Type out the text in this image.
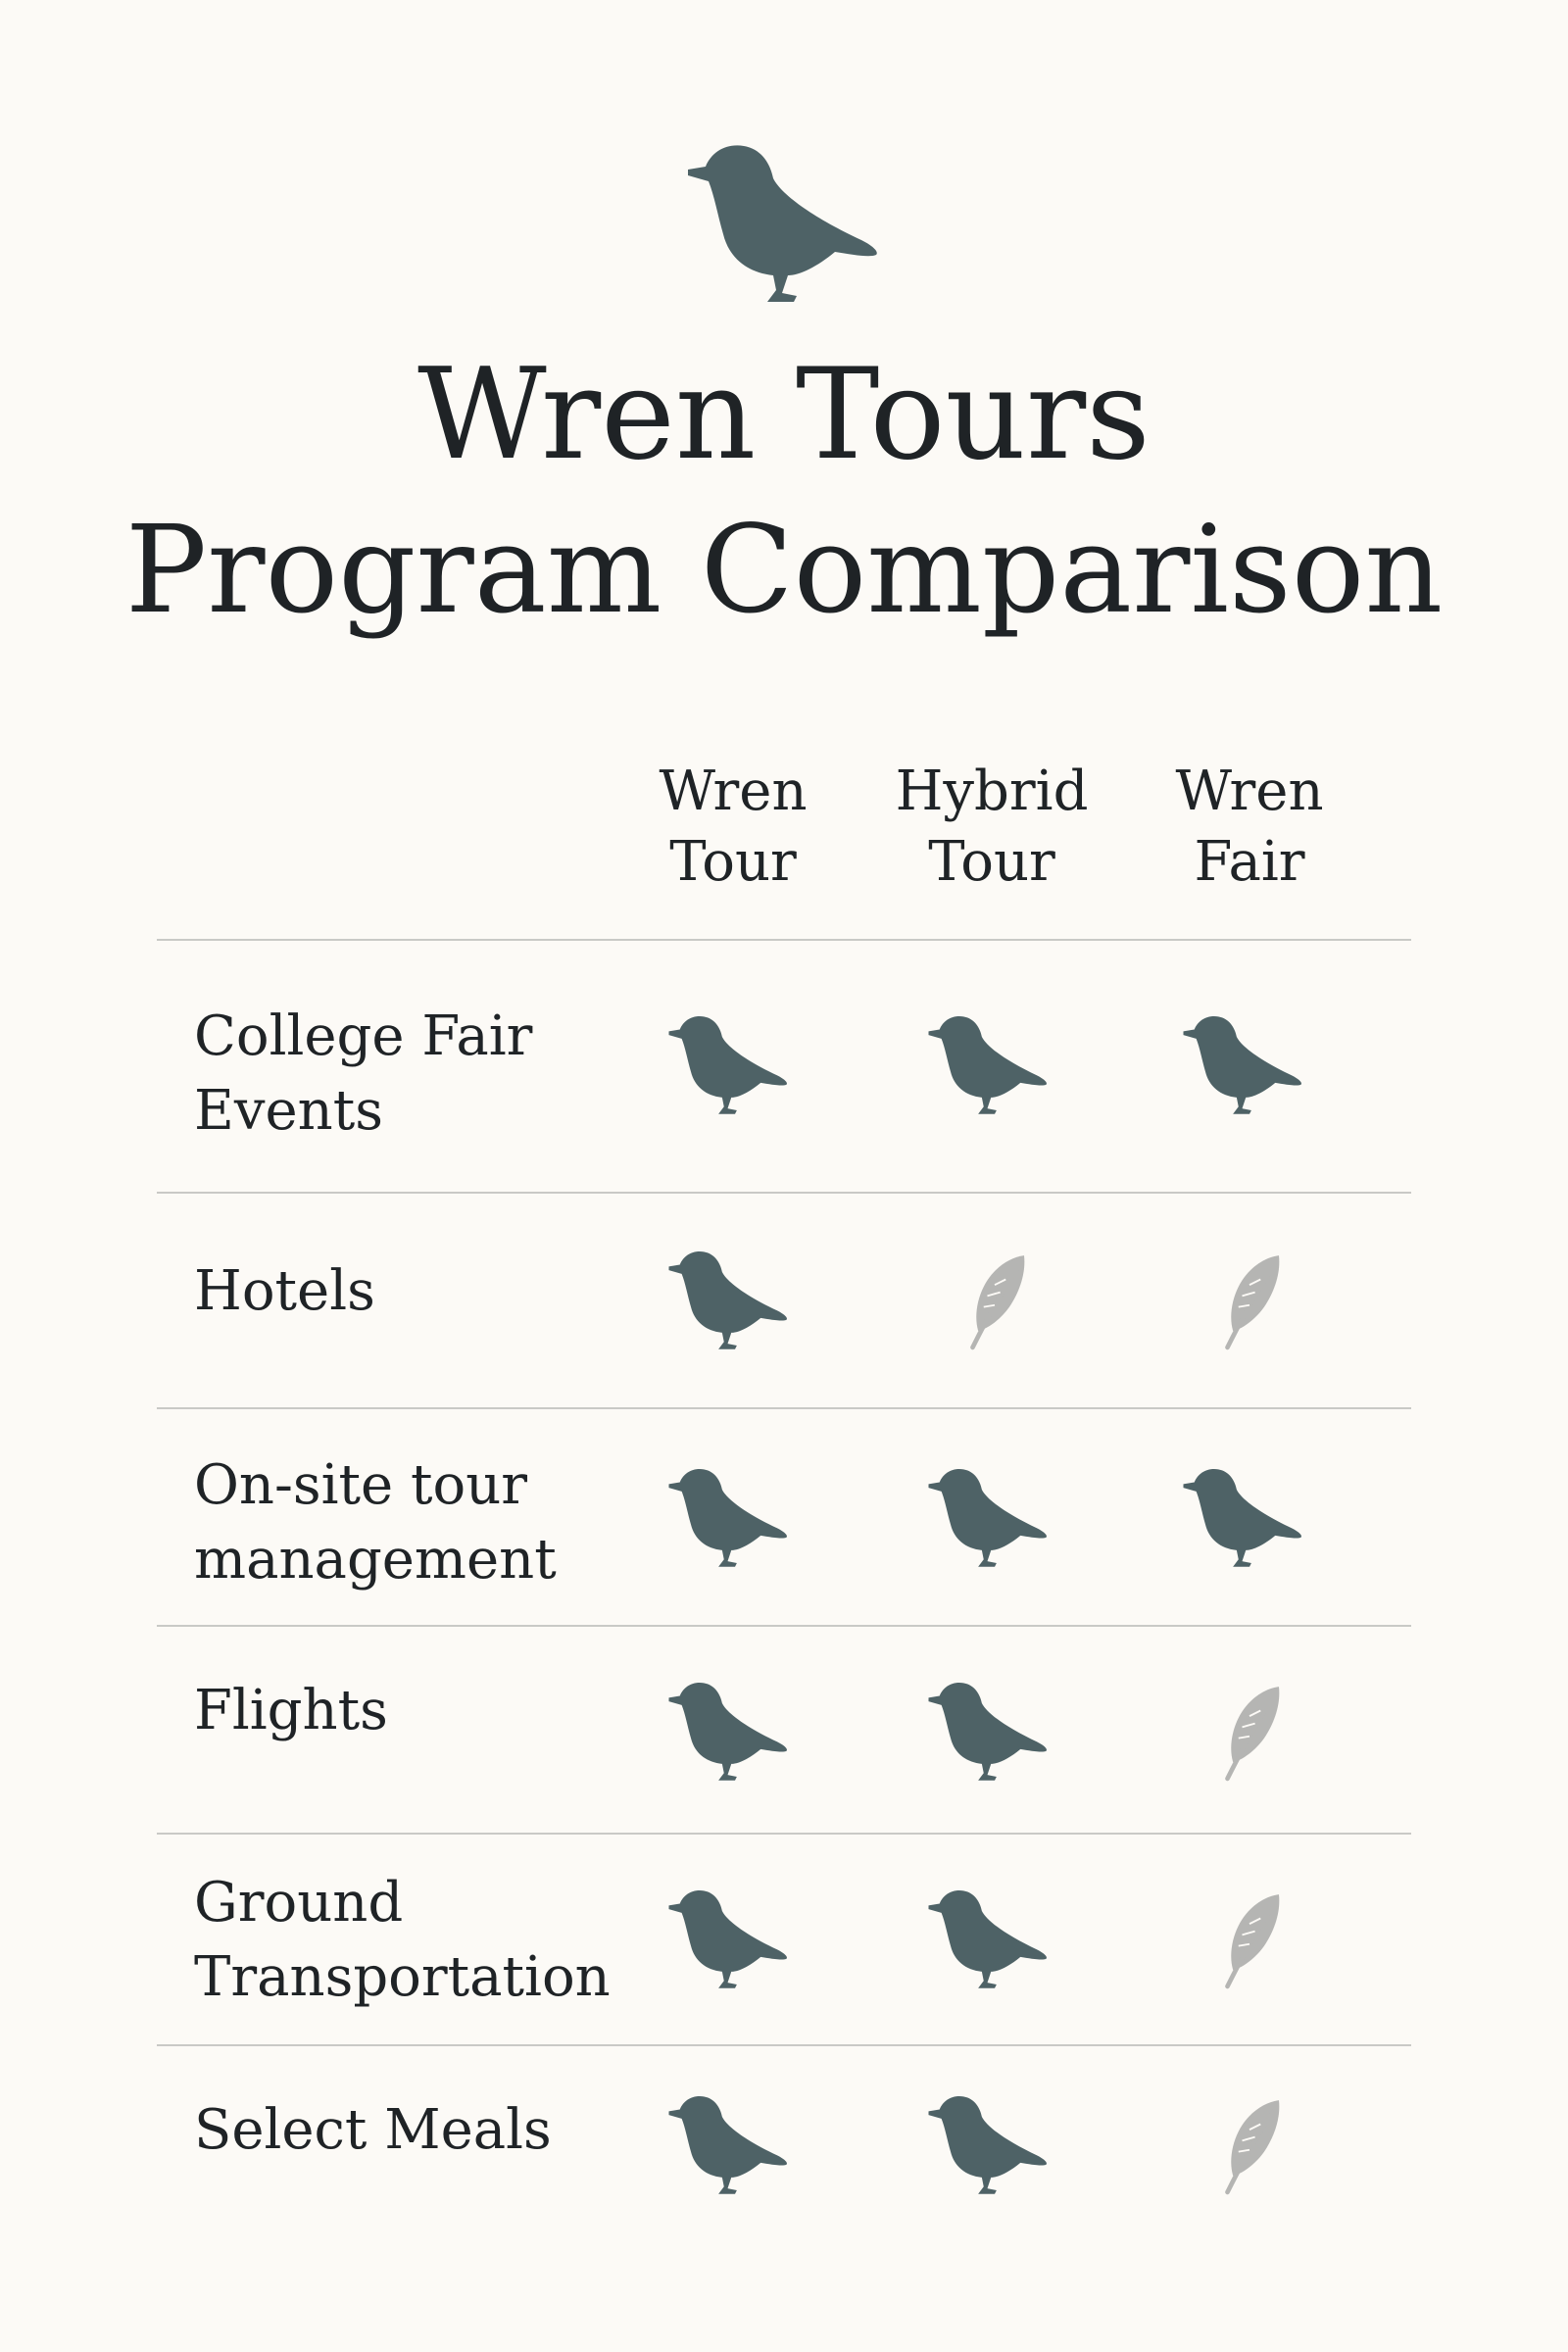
Wren Tours
Program Comparison
Wren
Tour
Hybrid
Tour
Wren
Fair
College Fair
Events
Hotels
On-site tour
management
Flights
Ground
Transportation
Select Meals
